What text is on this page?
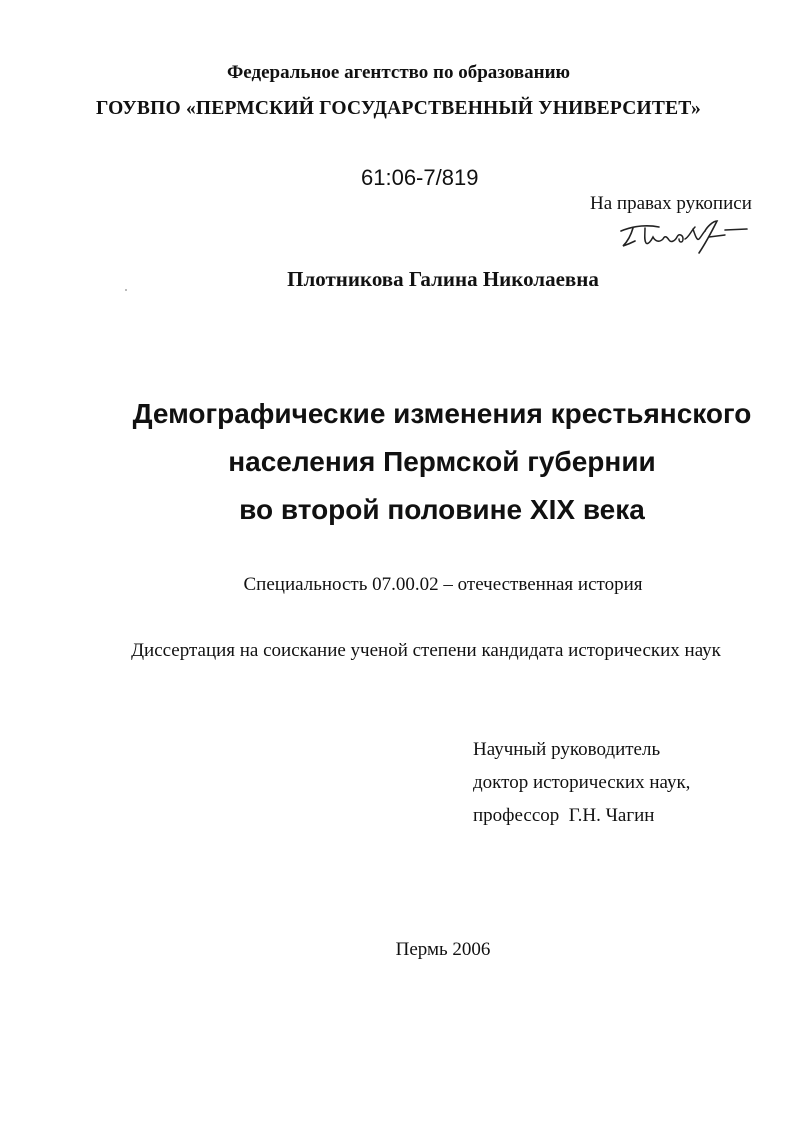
Федеральное агентство по образованию
ГОУВПО «ПЕРМСКИЙ ГОСУДАРСТВЕННЫЙ УНИВЕРСИТЕТ»
61:06-7/819
На правах рукописи
Плотникова Галина Николаевна
Демографические изменения крестьянского
населения Пермской губернии
во второй половине XIX века
Специальность 07.00.02 – отечественная история
Диссертация на соискание ученой степени кандидата исторических наук
Научный руководитель
доктор исторических наук,
профессор  Г.Н. Чагин
Пермь 2006
